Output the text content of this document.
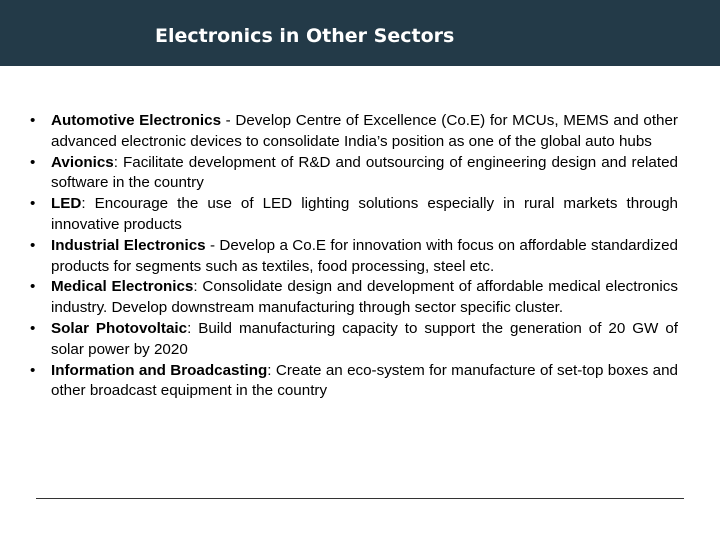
Electronics in Other Sectors
•	Automotive Electronics - Develop Centre of Excellence (Co.E) for MCUs, MEMS and other advanced electronic devices to consolidate India’s position as one of the global auto hubs
•	Avionics: Facilitate development of R&D and outsourcing of engineering design and related software in the country
•	LED: Encourage the use of LED lighting solutions especially in rural markets through innovative products
•	Industrial Electronics - Develop a Co.E for innovation with focus on affordable standardized products for segments such as textiles, food processing, steel etc.
•	Medical Electronics: Consolidate design and development of affordable medical electronics industry. Develop downstream manufacturing through sector specific cluster.
•	Solar Photovoltaic: Build manufacturing capacity to support the generation of 20 GW of solar power by 2020
•	Information and Broadcasting: Create an eco-system for manufacture of set-top boxes and other broadcast equipment in the country
